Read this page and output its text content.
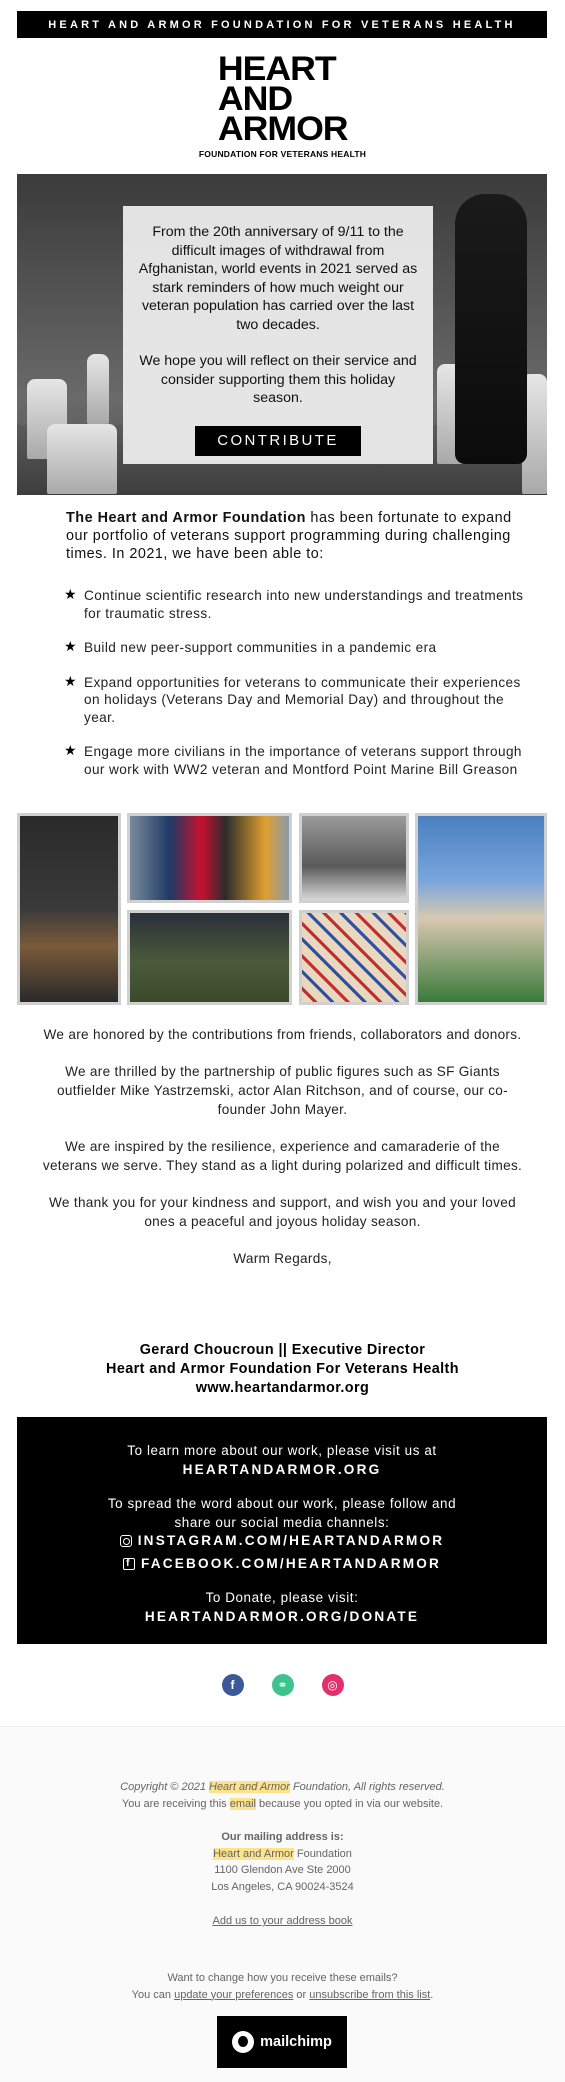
HEART AND ARMOR FOUNDATION FOR VETERANS HEALTH
HEART
AND
ARMOR
FOUNDATION FOR VETERANS HEALTH

From the 20th anniversary of 9/11 to the difficult images of withdrawal from Afghanistan, world events in 2021 served as stark reminders of how much weight our veteran population has carried over the last two decades.

We hope you will reflect on their service and consider supporting them this holiday season.

CONTRIBUTE
The Heart and Armor Foundation has been fortunate to expand our portfolio of veterans support programming during challenging times. In 2021, we have been able to:
★ Continue scientific research into new understandings and treatments for traumatic stress.
★ Build new peer-support communities in a pandemic era
★ Expand opportunities for veterans to communicate their experiences on holidays (Veterans Day and Memorial Day) and throughout the year.
★ Engage more civilians in the importance of veterans support through our work with WW2 veteran and Montford Point Marine Bill Greason

We are honored by the contributions from friends, collaborators and donors.

We are thrilled by the partnership of public figures such as SF Giants outfielder Mike Yastrzemski, actor Alan Ritchson, and of course, our co-founder John Mayer.

We are inspired by the resilience, experience and camaraderie of the veterans we serve. They stand as a light during polarized and difficult times.

We thank you for your kindness and support, and wish you and your loved ones a peaceful and joyous holiday season.

Warm Regards,

Gerard Choucroun || Executive Director
Heart and Armor Foundation For Veterans Health
www.heartandarmor.org
To learn more about our work, please visit us at
HEARTANDARMOR.ORG
To spread the word about our work, please follow and share our social media channels:
INSTAGRAM.COM/HEARTANDARMOR

f FACEBOOK.COM/HEARTANDARMOR
To Donate, please visit:
HEARTANDARMOR.ORG/DONATE
f	⚭	◎
Copyright © 2021 Heart and Armor Foundation, All rights reserved.
You are receiving this email because you opted in via our website.
Our mailing address is:
Heart and Armor Foundation
1100 Glendon Ave Ste 2000
Los Angeles, CA 90024-3524
Add us to your address book
Want to change how you receive these emails?
You can update your preferences or unsubscribe from this list.
mailchimp
